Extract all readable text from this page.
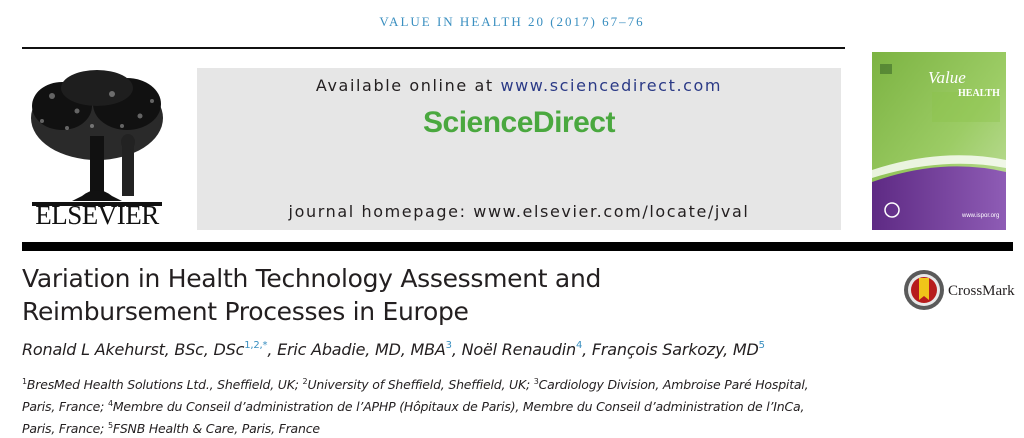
VALUE IN HEALTH 20 (2017) 67–76
ELSEVIER
Available online at www.sciencedirect.com
ScienceDirect
journal homepage: www.elsevier.com/locate/jval
Value
HEALTH
www.ispor.org
Variation in Health Technology Assessment and
Reimbursement Processes in Europe
CrossMark
Ronald L Akehurst, BSc, DSc$^{1,2,*}$, Eric Abadie, MD, MBA$^3$, Noël Renaudin$^4$, François Sarkozy, $MD^5$
$^1$BresMed Health Solutions Ltd., Sheffield, UK; $^2$University of Sheffield, Sheffield, UK; $^3$Cardiology Division, Ambroise Paré Hospital,
Paris, France; $^4$Membre du Conseil d’administration de l’APHP (Hôpitaux de Paris), Membre du Conseil d’administration de l’InCa,
Paris, France; $^5$FSNB Health & Care, Paris, France
